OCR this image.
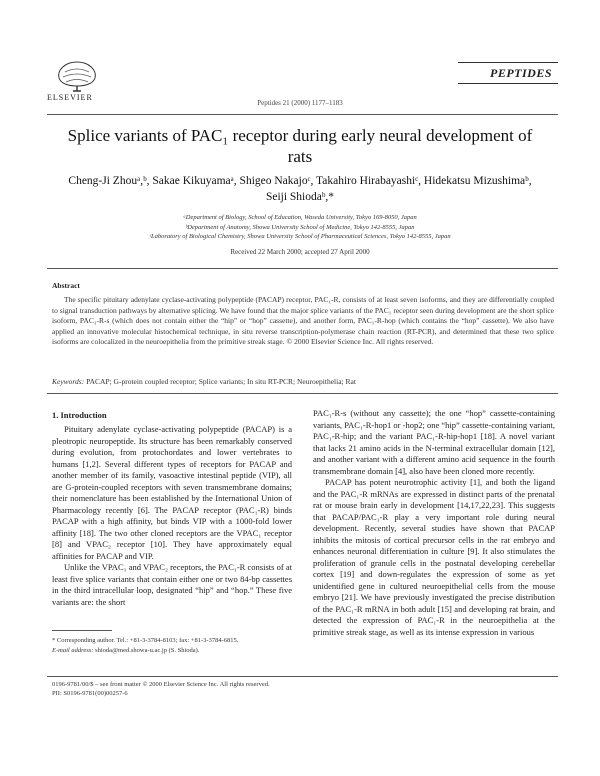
ELSEVIER
PEPTIDES
Peptides 21 (2000) 1177–1183
Splice variants of PAC₁ receptor during early neural development of rats
Cheng-Ji Zhouᵃ,ᵇ, Sakae Kikuyamaᵃ, Shigeo Nakajoᶜ, Takahiro Hirabayashiᶜ, Hidekatsu Mizushimaᵇ, Seiji Shiodaᵇ,*
ᵃDepartment of Biology, School of Education, Waseda University, Tokyo 169-8050, Japan
ᵇDepartment of Anatomy, Showa University School of Medicine, Tokyo 142-8555, Japan
ᶜLaboratory of Biological Chemistry, Showa University School of Pharmaceutical Sciences, Tokyo 142-8555, Japan
Received 22 March 2000; accepted 27 April 2000
Abstract
The specific pituitary adenylate cyclase-activating polypeptide (PACAP) receptor, PAC₁-R, consists of at least seven isoforms, and they are differentially coupled to signal transduction pathways by alternative splicing. We have found that the major splice variants of the PAC₁ receptor seen during development are the short splice isoform, PAC₁-R-s (which does not contain either the “hip” or “hop” cassette), and another form, PAC₁-R-hop (which contains the “hop” cassette). We also have applied an innovative molecular histochemical technique, in situ reverse transcription-polymerase chain reaction (RT-PCR), and determined that these two splice isoforms are colocalized in the neuroepithelia from the primitive streak stage. © 2000 Elsevier Science Inc. All rights reserved.
Keywords: PACAP; G-protein coupled receptor; Splice variants; In situ RT-PCR; Neuroepithelia; Rat
1. Introduction

Pituitary adenylate cyclase-activating polypeptide (PACAP) is a pleotropic neuropeptide. Its structure has been remarkably conserved during evolution, from protochordates and lower vertebrates to humans [1,2]. Several different types of receptors for PACAP and another member of its family, vasoactive intestinal peptide (VIP), all are G-protein-coupled receptors with seven transmembrane domains; their nomenclature has been established by the International Union of Pharmacology recently [6]. The PACAP receptor (PAC₁-R) binds PACAP with a high affinity, but binds VIP with a 1000-fold lower affinity [18]. The two other cloned receptors are the VPAC₁ receptor [8] and VPAC₂ receptor [10]. They have approximately equal affinities for PACAP and VIP.

Unlike the VPAC₁ and VPAC₂ receptors, the PAC₁-R consists of at least five splice variants that contain either one or two 84-bp cassettes in the third intracellular loop, designated “hip” and “hop.” These five variants are: the short

PAC₁-R-s (without any cassette); the one “hop” cassette-containing variants, PAC₁-R-hop1 or -hop2; one “hip” cassette-containing variant, PAC₁-R-hip; and the variant PAC₁-R-hip-hop1 [18]. A novel variant that lacks 21 amino acids in the N-terminal extracellular domain [12], and another variant with a different amino acid sequence in the fourth transmembrane domain [4], also have been cloned more recently.

PACAP has potent neurotrophic activity [1], and both the ligand and the PAC₁-R mRNAs are expressed in distinct parts of the prenatal rat or mouse brain early in development [14,17,22,23]. This suggests that PACAP/PAC₁-R play a very important role during neural development. Recently, several studies have shown that PACAP inhibits the mitosis of cortical precursor cells in the rat embryo and enhances neuronal differentiation in culture [9]. It also stimulates the proliferation of granule cells in the postnatal developing cerebellar cortex [19] and down-regulates the expression of some as yet unidentified gene in cultured neuroepithelial cells from the mouse embryo [21]. We have previously investigated the precise distribution of the PAC₁-R mRNA in both adult [15] and developing rat brain, and detected the expression of PAC₁-R in the neuroepithelia at the primitive streak stage, as well as its intense expression in various

* Corresponding author. Tel.: +81-3-3784-8103; fax: +81-3-3784-6815.
E-mail address: shioda@med.showa-u.ac.jp (S. Shioda).
0196-9781/00/$ – see front matter © 2000 Elsevier Science Inc. All rights reserved.
PII: S0196-9781(00)00257-6
